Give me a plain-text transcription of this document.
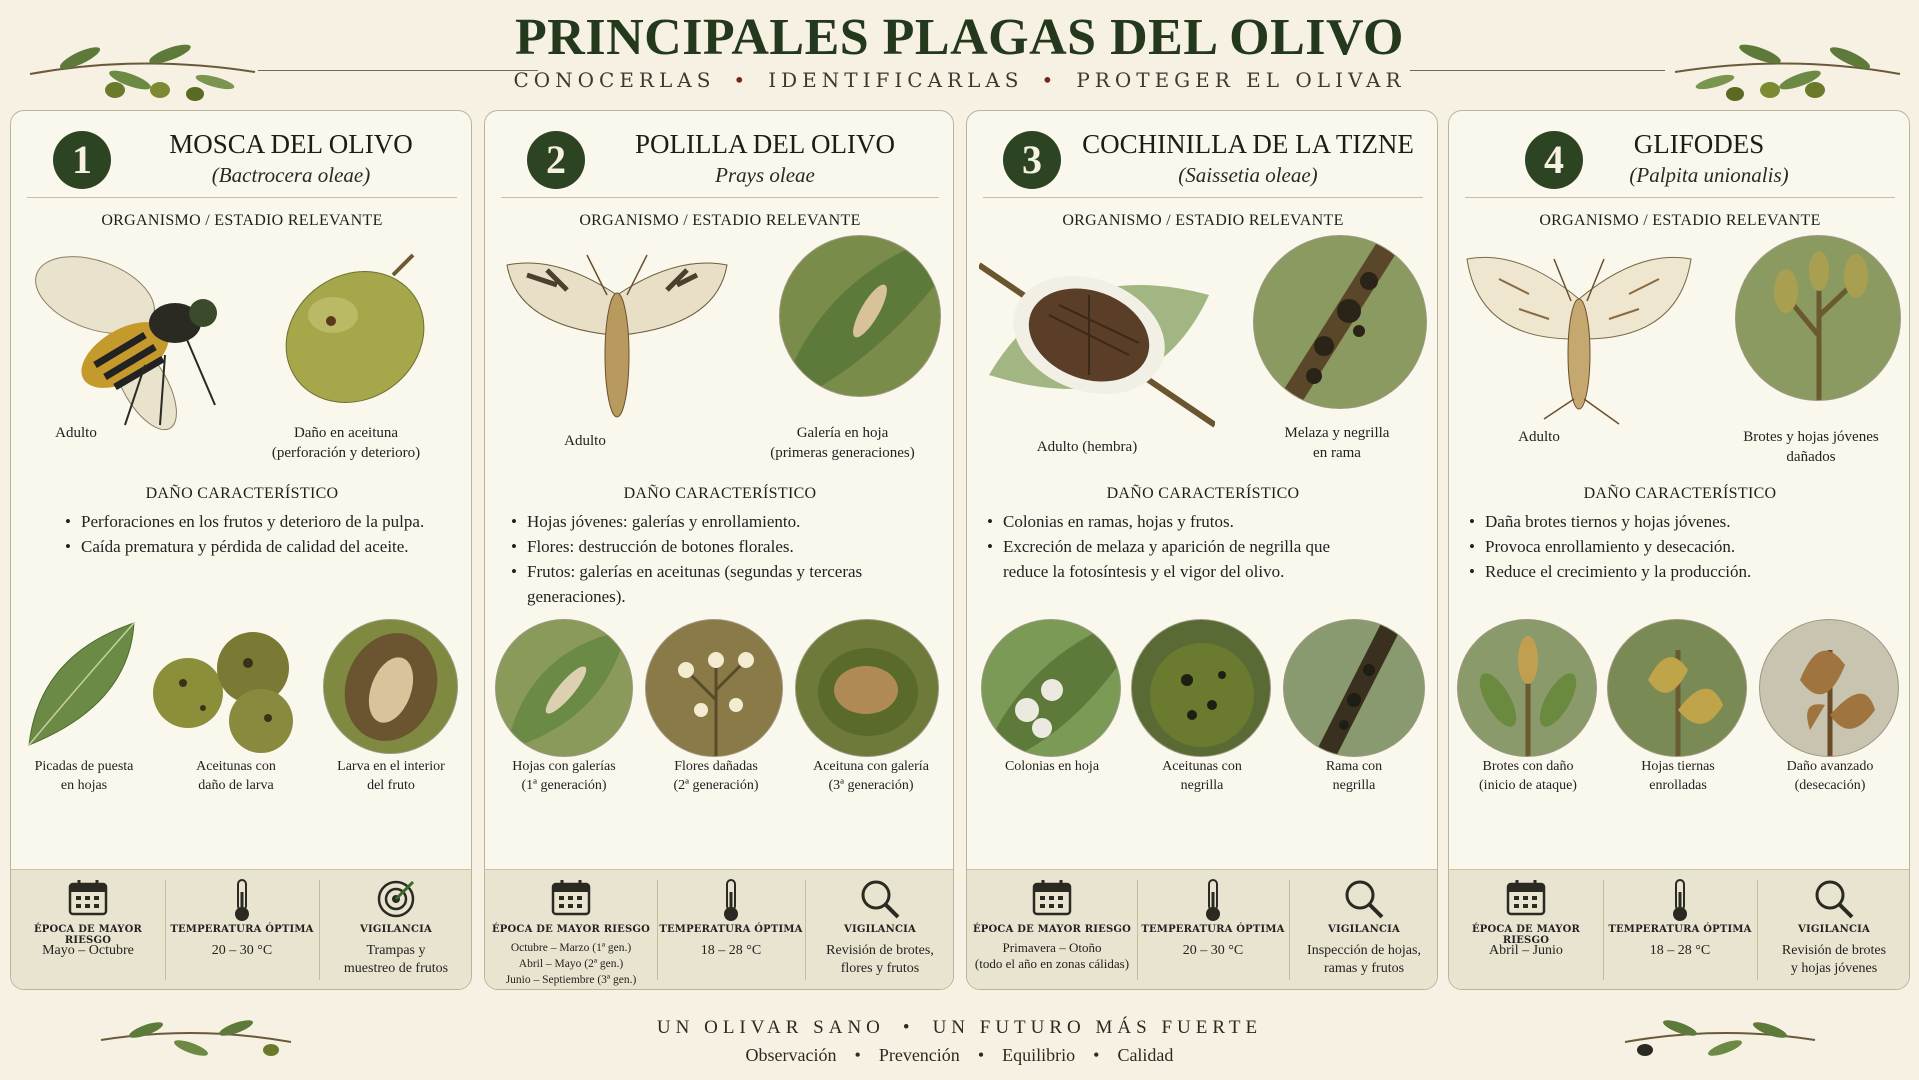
PRINCIPALES PLAGAS DEL OLIVO
CONOCERLAS • IDENTIFICARLAS • PROTEGER EL OLIVAR
1	MOSCA DEL OLIVO
(Bactrocera oleae)
ORGANISMO / ESTADIO RELEVANTE
Adulto	Daño en aceituna
(perforación y deterioro)
DAÑO CARACTERÍSTICO
• Perforaciones en los frutos y deterioro de la pulpa.
• Caída prematura y pérdida de calidad del aceite.
Picadas de puesta
en hojas
Aceitunas con
daño de larva
Larva en el interior
del fruto
ÉPOCA DE MAYOR RIESGO
Mayo – Octubre
TEMPERATURA ÓPTIMA
20 – 30 °C
VIGILANCIA
Trampas y
muestreo de frutos
2	POLILLA DEL OLIVO
Prays oleae
ORGANISMO / ESTADIO RELEVANTE
Adulto	Galería en hoja
(primeras generaciones)
DAÑO CARACTERÍSTICO
• Hojas jóvenes: galerías y enrollamiento.
• Flores: destrucción de botones florales.
• Frutos: galerías en aceitunas (segundas y terceras generaciones).
Hojas con galerías
(1ª generación)
Flores dañadas
(2ª generación)
Aceituna con galería
(3ª generación)
ÉPOCA DE MAYOR RIESGO
Octubre – Marzo (1ª gen.)
Abril – Mayo (2ª gen.)
Junio – Septiembre (3ª gen.)
TEMPERATURA ÓPTIMA
18 – 28 °C
VIGILANCIA
Revisión de brotes,
flores y frutos
3	COCHINILLA DE LA TIZNE
(Saissetia oleae)
ORGANISMO / ESTADIO RELEVANTE
Adulto (hembra)
Melaza y negrilla
en rama
DAÑO CARACTERÍSTICO
• Colonias en ramas, hojas y frutos.
• Excreción de melaza y aparición de negrilla que reduce la fotosíntesis y el vigor del olivo.
Colonias en hoja	Aceitunas con
negrilla
Rama con
negrilla
ÉPOCA DE MAYOR RIESGO
Primavera – Otoño
(todo el año en zonas cálidas)
TEMPERATURA ÓPTIMA
20 – 30 °C
VIGILANCIA
Inspección de hojas,
ramas y frutos
4	GLIFODES
(Palpita unionalis)
ORGANISMO / ESTADIO RELEVANTE
Adulto	Brotes y hojas jóvenes
dañados
DAÑO CARACTERÍSTICO
• Daña brotes tiernos y hojas jóvenes.
• Provoca enrollamiento y desecación.
• Reduce el crecimiento y la producción.
Brotes con daño
(inicio de ataque)
Hojas tiernas
enrolladas
Daño avanzado
(desecación)
ÉPOCA DE MAYOR RIESGO
Abril – Junio
TEMPERATURA ÓPTIMA
18 – 28 °C
VIGILANCIA
Revisión de brotes
y hojas jóvenes
UN OLIVAR SANO • UN FUTURO MÁS FUERTE
Observación • Prevención • Equilibrio • Calidad
